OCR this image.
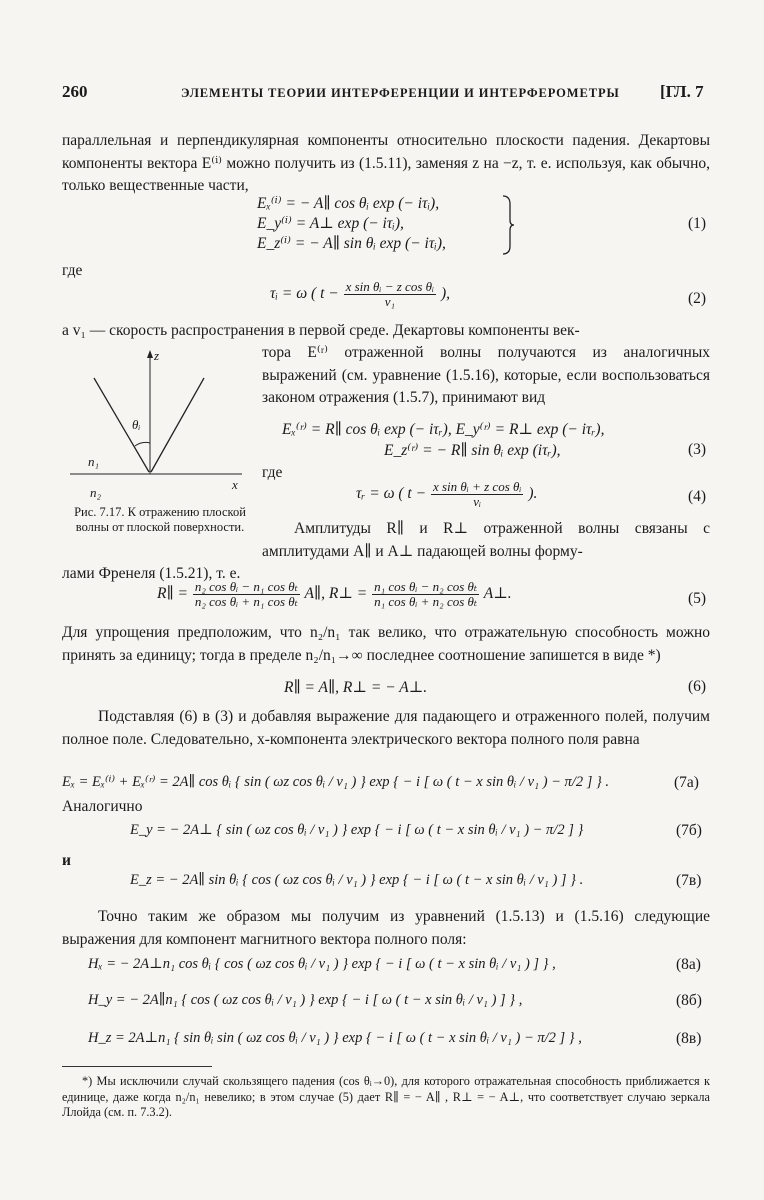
260	ЭЛЕМЕНТЫ ТЕОРИИ ИНТЕРФЕРЕНЦИИ И ИНТЕРФЕРОМЕТРЫ [ГЛ. 7
параллельная и перпендикулярная компоненты относительно плоскости падения. Декартовы компоненты вектора E⁽ⁱ⁾ можно получить из (1.5.11), заменяя z на −z, т. е. используя, как обычно, только вещественные части,
Eₓ⁽ⁱ⁾ = − A∥ cos θᵢ exp (− iτᵢ),
E_y⁽ⁱ⁾ = A⊥ exp (− iτᵢ),
E_z⁽ⁱ⁾ = − A∥ sin θᵢ exp (− iτᵢ),
(1)
где
τᵢ = ω ( $t - \frac{\text{x sin θᵢ − z cos θᵢ}}{\text{v₁}}$ ),	(2)
а v₁ — скорость распространения в первой среде. Декартовы компоненты век-
тора E⁽ʳ⁾ отраженной волны получаются из аналогичных выражений (см. уравнение (1.5.16), которые, если воспользоваться законом отражения (1.5.7), принимают вид
z
θᵢ
n₁
n₂
x
Рис. 7.17. К отражению плоской волны от плоской поверхности.
Eₓ⁽ʳ⁾ = R∥ cos θᵢ exp (− iτᵣ), E_y⁽ʳ⁾ = R⊥ exp (− iτᵣ),
E_z⁽ʳ⁾ = − R∥ sin θᵢ exp (iτᵣ),	(3)
где
τᵣ = ω ( $t - \frac{\text{x sin θᵢ + z cos θᵢ}}{\text{vᵢ}}$ ).	(4)
Амплитуды R∥ и R⊥ отраженной волны связаны с амплитудами A∥ и A⊥ падающей волны форму-
лами Френеля (1.5.21), т. е.
R∥ = $\frac{\text{n₂ cos θᵢ − n₁ cos θₜ}}{\text{n₂ cos θᵢ + n₁ cos θₜ}}$ A∥, R⊥ = $\frac{\text{n₁ cos θᵢ − n₂ cos θₜ}}{\text{n₁ cos θᵢ + n₂ cos θₜ}}$ A⊥.	(5)
Для упрощения предположим, что n₂/n₁ так велико, что отражательную способность можно принять за единицу; тогда в пределе n₂/n₁→∞ последнее соотношение запишется в виде *)
R∥ = A∥, R⊥ = − A⊥.	(6)
Подставляя (6) в (3) и добавляя выражение для падающего и отраженного полей, получим полное поле. Следовательно, x-компонента электрического вектора полного поля равна
Eₓ = Eₓ⁽ⁱ⁾ + Eₓ⁽ʳ⁾ = 2A∥ cos θᵢ { sin ( ωz cos θᵢ / v₁ ) } exp { − i [ ω ( t − x sin θᵢ / v₁ ) − π/2 ] } .	(7а)
Аналогично
E_y = − 2A⊥ { sin ( ωz cos θᵢ / v₁ ) } exp { − i [ ω ( t − x sin θᵢ / v₁ ) − π/2 ] }	(7б)
и
E_z = − 2A∥ sin θᵢ { cos ( ωz cos θᵢ / v₁ ) } exp { − i [ ω ( t − x sin θᵢ / v₁ ) ] } .	(7в)
Точно таким же образом мы получим из уравнений (1.5.13) и (1.5.16) следующие выражения для компонент магнитного вектора полного поля:
Hₓ = − 2A⊥n₁ cos θᵢ { cos ( ωz cos θᵢ / v₁ ) } exp { − i [ ω ( t − x sin θᵢ / v₁ ) ] } ,	(8а)
H_y = − 2A∥n₁ { cos ( ωz cos θᵢ / v₁ ) } exp { − i [ ω ( t − x sin θᵢ / v₁ ) ] } ,	(8б)
H_z = 2A⊥n₁ { sin θᵢ sin ( ωz cos θᵢ / v₁ ) } exp { − i [ ω ( t − x sin θᵢ / v₁ ) − π/2 ] } ,	(8в)
*) Мы исключили случай скользящего падения (cos θᵢ→0), для которого отражательная способность приближается к единице, даже когда n₂/n₁ невелико; в этом случае (5) дает R∥ = − A∥ , R⊥ = − A⊥, что соответствует случаю зеркала Ллойда (см. п. 7.3.2).
